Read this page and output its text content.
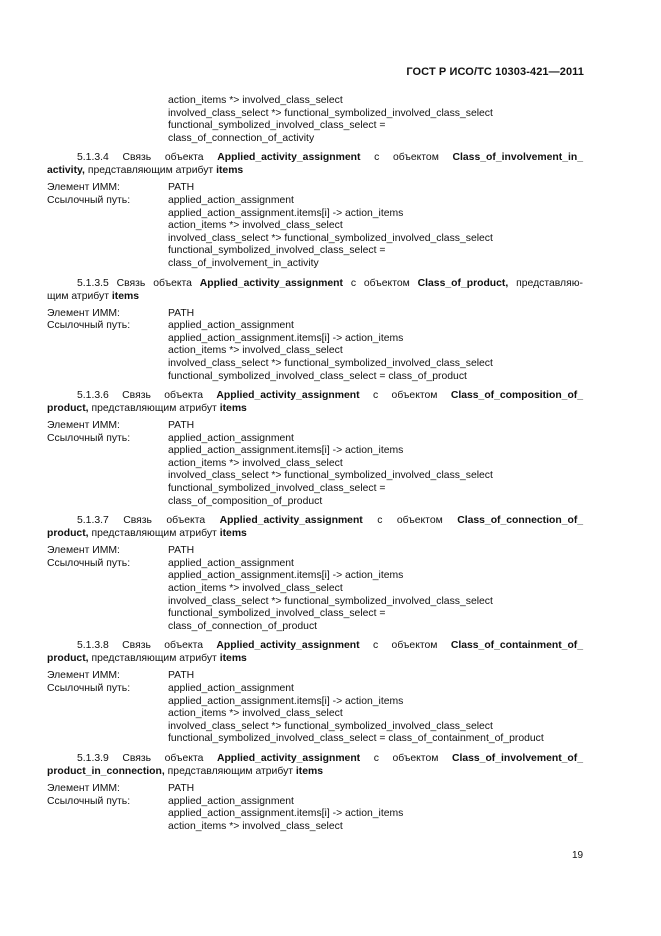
ГОСТ Р ИСО/ТС 10303-421—2011
action_items *> involved_class_select
involved_class_select *> functional_symbolized_involved_class_select
functional_symbolized_involved_class_select =
class_of_connection_of_activity
5.1.3.4 Связь объекта Applied_activity_assignment с объектом Class_of_involvement_in_
activity, представляющим атрибут items
Элемент ИММ:	PATH
Ссылочный путь:	applied_action_assignment
applied_action_assignment.items[i] -> action_items
action_items *> involved_class_select
involved_class_select *> functional_symbolized_involved_class_select
functional_symbolized_involved_class_select =
class_of_involvement_in_activity
5.1.3.5 Связь объекта Applied_activity_assignment с объектом Class_of_product, представляю-
щим атрибут items
Элемент ИММ:	PATH
Ссылочный путь:	applied_action_assignment
applied_action_assignment.items[i] -> action_items
action_items *> involved_class_select
involved_class_select *> functional_symbolized_involved_class_select
functional_symbolized_involved_class_select = class_of_product
5.1.3.6 Связь объекта Applied_activity_assignment с объектом Class_of_composition_of_
product, представляющим атрибут items
Элемент ИММ:	PATH
Ссылочный путь:	applied_action_assignment
applied_action_assignment.items[i] -> action_items
action_items *> involved_class_select
involved_class_select *> functional_symbolized_involved_class_select
functional_symbolized_involved_class_select =
class_of_composition_of_product
5.1.3.7 Связь объекта Applied_activity_assignment с объектом Class_of_connection_of_
product, представляющим атрибут items
Элемент ИММ:	PATH
Ссылочный путь:	applied_action_assignment
applied_action_assignment.items[i] -> action_items
action_items *> involved_class_select
involved_class_select *> functional_symbolized_involved_class_select
functional_symbolized_involved_class_select =
class_of_connection_of_product
5.1.3.8 Связь объекта Applied_activity_assignment с объектом Class_of_containment_of_
product, представляющим атрибут items
Элемент ИММ:	PATH
Ссылочный путь:	applied_action_assignment
applied_action_assignment.items[i] -> action_items
action_items *> involved_class_select
involved_class_select *> functional_symbolized_involved_class_select
functional_symbolized_involved_class_select = class_of_containment_of_product
5.1.3.9 Связь объекта Applied_activity_assignment с объектом Class_of_involvement_of_
product_in_connection, представляющим атрибут items
Элемент ИММ:	PATH
Ссылочный путь:	applied_action_assignment
applied_action_assignment.items[i] -> action_items
action_items *> involved_class_select
19
